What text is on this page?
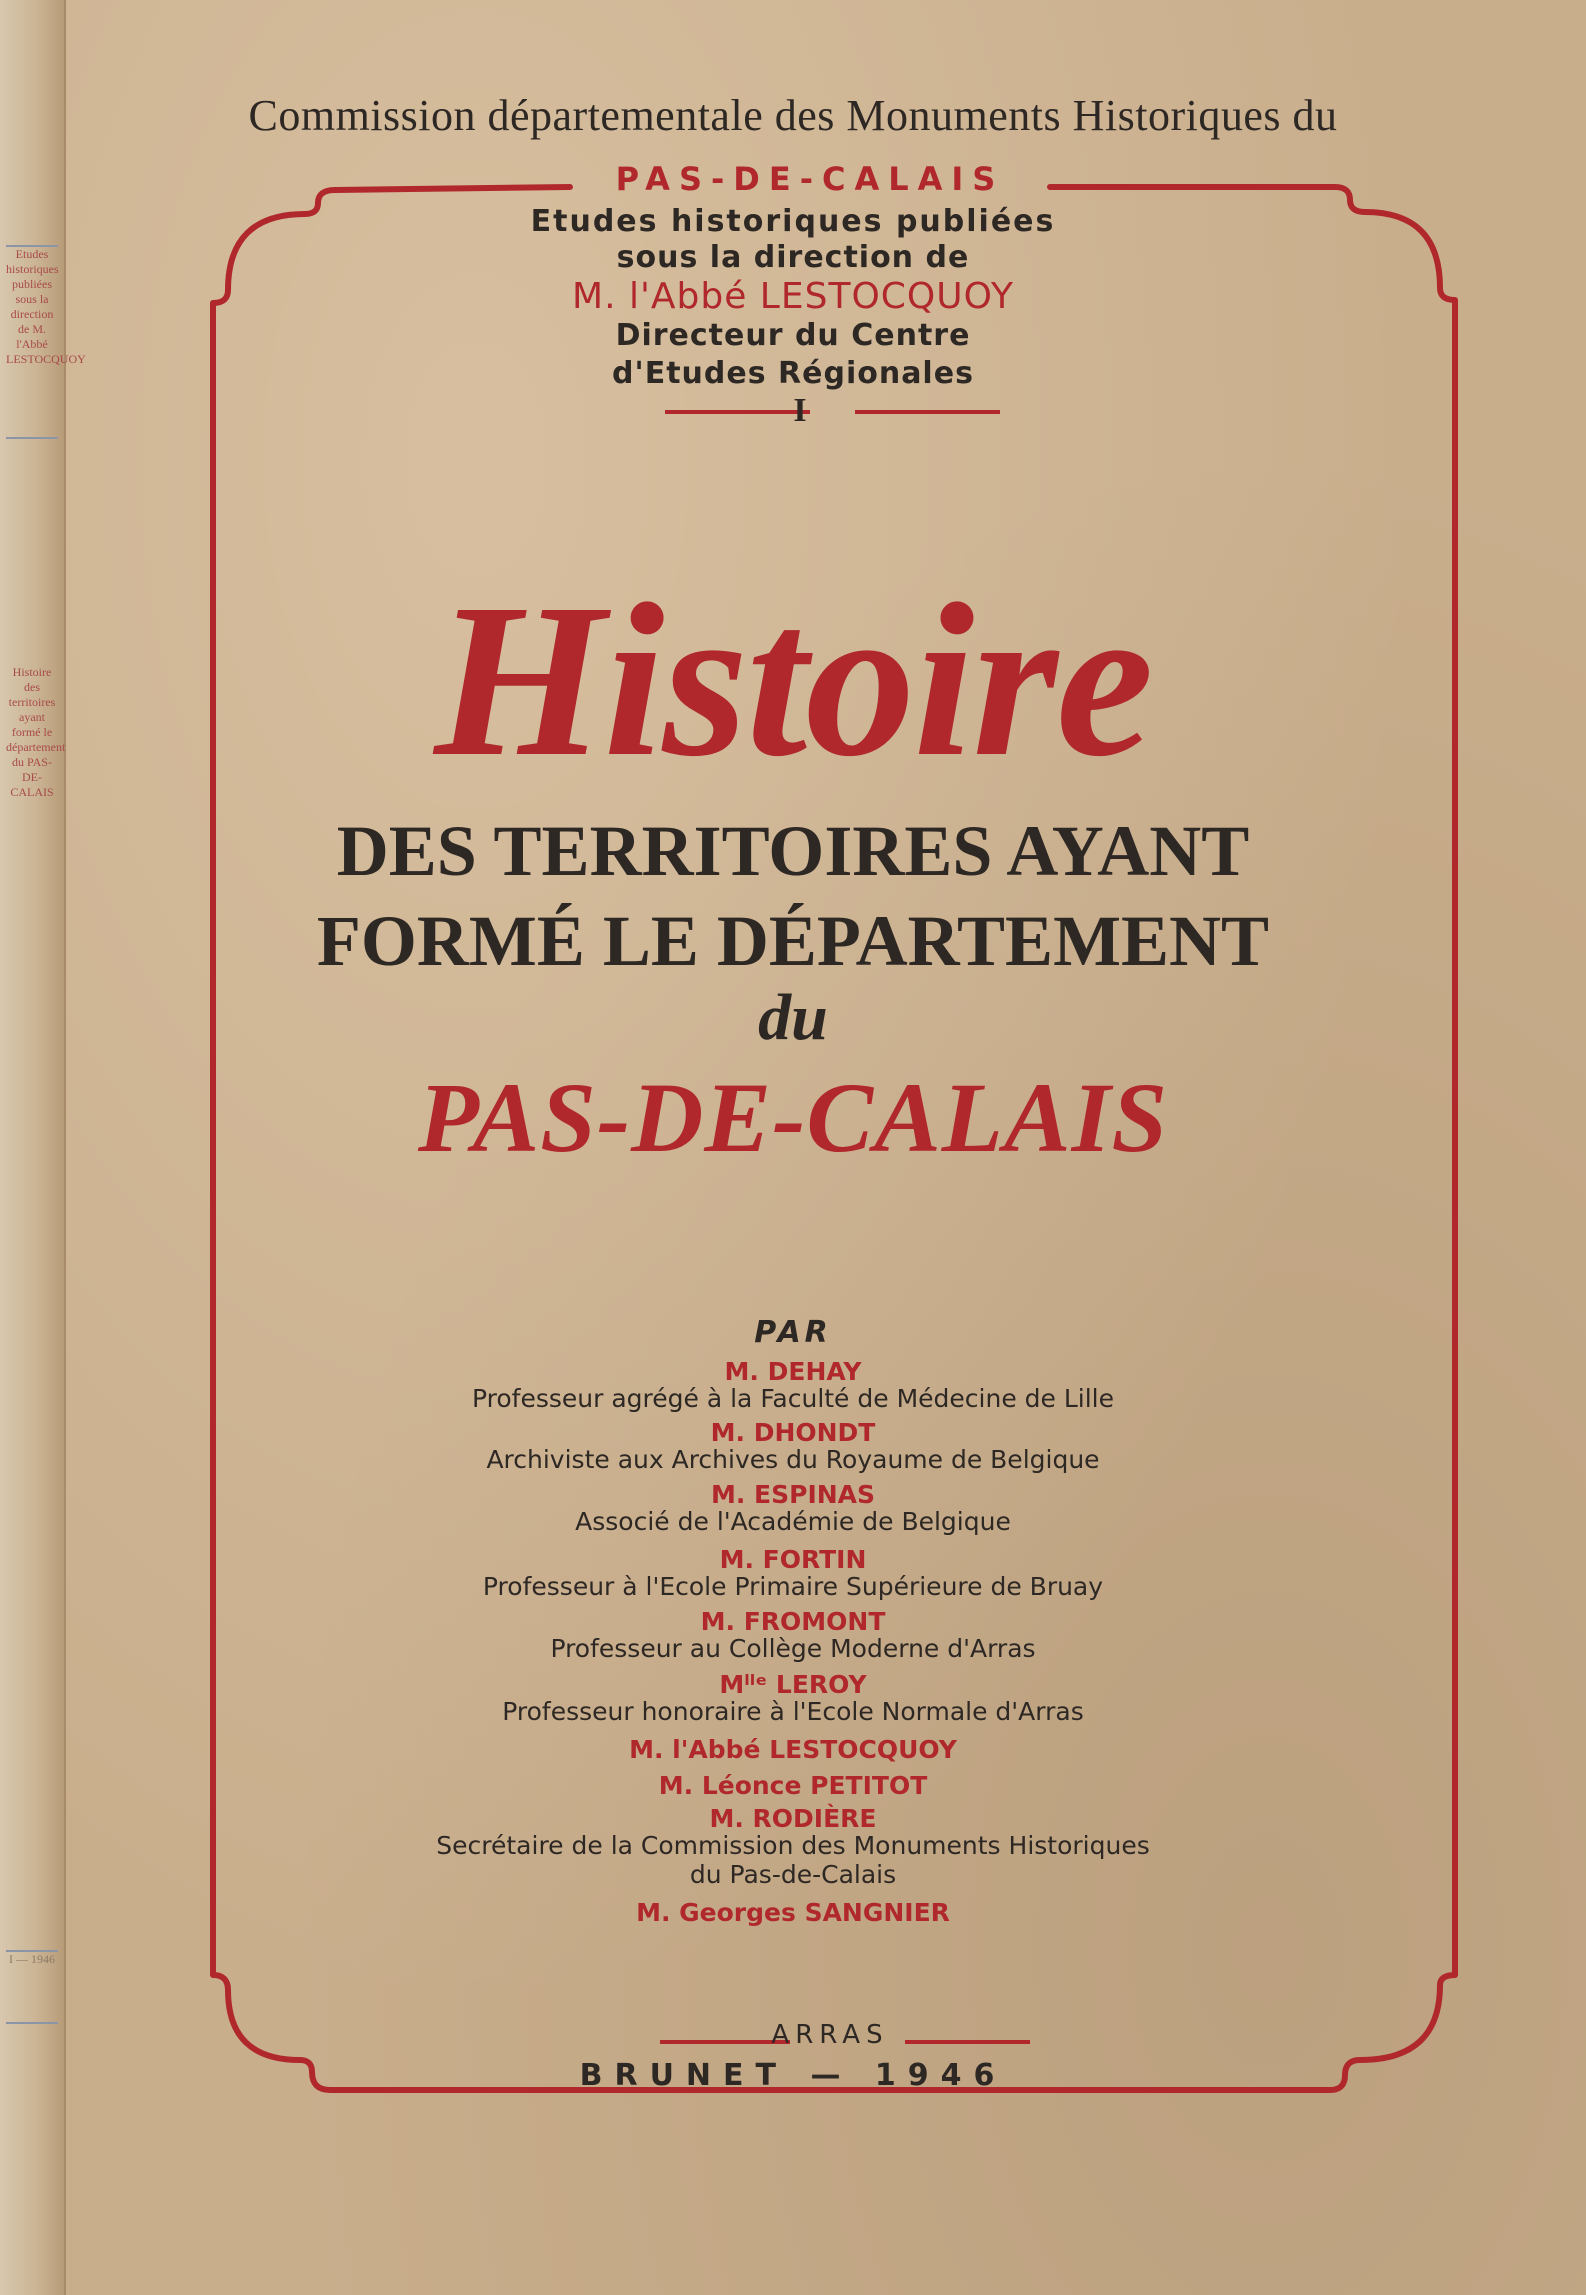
Etudes historiques publiées sous la direction de M. l'Abbé LESTOCQUOY
Histoire des territoires ayant formé le département du PAS-DE-CALAIS
I — 1946

Commission départementale des Monuments Historiques du

PAS-DE-CALAIS

Etudes historiques publiées

sous la direction de

M. l'Abbé LESTOCQUOY

Directeur du Centre

d'Etudes Régionales

I

Histoire

DES TERRITOIRES AYANT

FORMÉ LE DÉPARTEMENT

du

PAS-DE-CALAIS

PAR

M. DEHAY

Professeur agrégé à la Faculté de Médecine de Lille

M. DHONDT

Archiviste aux Archives du Royaume de Belgique

M. ESPINAS

Associé de l'Académie de Belgique

M. FORTIN

Professeur à l'Ecole Primaire Supérieure de Bruay

M. FROMONT

Professeur au Collège Moderne d'Arras

Mˡˡᵉ LEROY

Professeur honoraire à l'Ecole Normale d'Arras

M. l'Abbé LESTOCQUOY

M. Léonce PETITOT

M. RODIÈRE

Secrétaire de la Commission des Monuments Historiques

du Pas-de-Calais

M. Georges SANGNIER

ARRAS

BRUNET — 1946
